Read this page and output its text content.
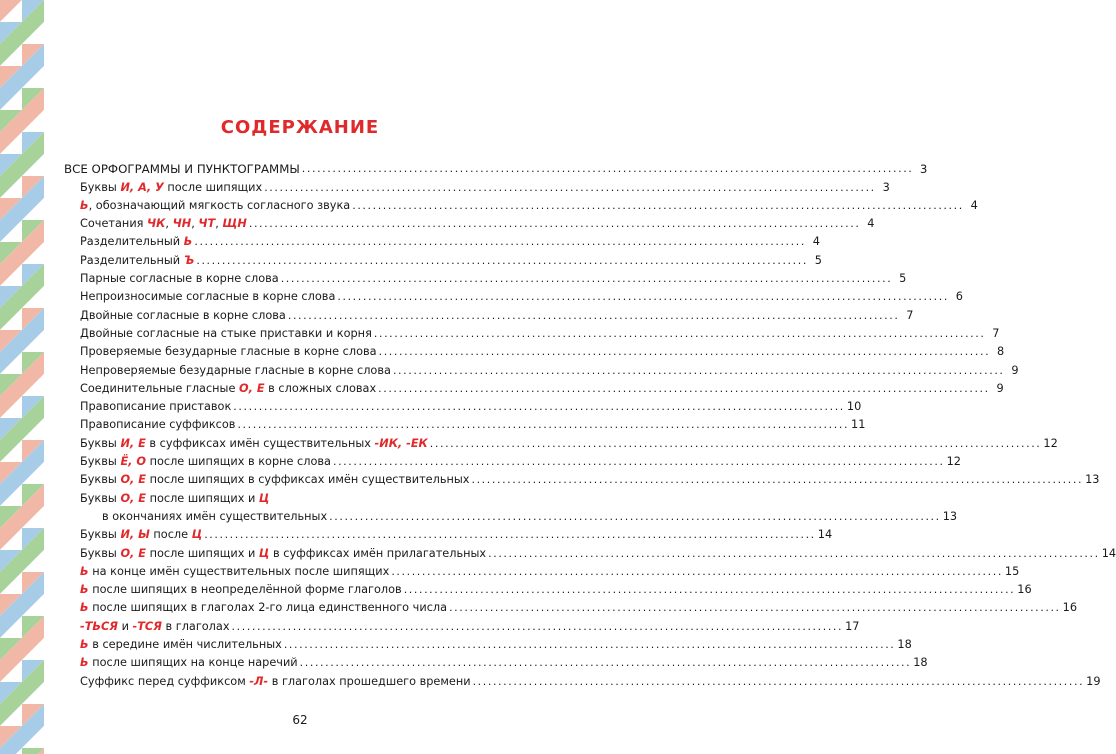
СОДЕРЖАНИЕ
ВСЕ ОРФОГРАММЫ И ПУНКТОГРАММЫ ........................................................................................................................ 3
Буквы И, А, У после шипящих ........................................................................................................................ 3
Ь, обозначающий мягкость согласного звука ........................................................................................................................ 4
Сочетания ЧК, ЧН, ЧТ, ЩН ........................................................................................................................ 4
Разделительный Ь ........................................................................................................................ 4
Разделительный Ъ ........................................................................................................................ 5
Парные согласные в корне слова ........................................................................................................................ 5
Непроизносимые согласные в корне слова ........................................................................................................................ 6
Двойные согласные в корне слова ........................................................................................................................ 7
Двойные согласные на стыке приставки и корня ........................................................................................................................ 7
Проверяемые безударные гласные в корне слова ........................................................................................................................ 8
Непроверяемые безударные гласные в корне слова ........................................................................................................................ 9
Соединительные гласные О, Е в сложных словах ........................................................................................................................ 9
Правописание приставок ........................................................................................................................ 10
Правописание суффиксов ........................................................................................................................ 11
Буквы И, Е в суффиксах имён существительных -ИК, -ЕК ........................................................................................................................ 12
Буквы Ё, О после шипящих в корне слова ........................................................................................................................ 12
Буквы О, Е после шипящих в суффиксах имён существительных ........................................................................................................................ 13
Буквы О, Е после шипящих и Ц
в окончаниях имён существительных ........................................................................................................................ 13
Буквы И, Ы после Ц ........................................................................................................................ 14
Буквы О, Е после шипящих и Ц в суффиксах имён прилагательных ........................................................................................................................ 14
Ь на конце имён существительных после шипящих ........................................................................................................................ 15
Ь после шипящих в неопределённой форме глаголов ........................................................................................................................ 16
Ь после шипящих в глаголах 2-го лица единственного числа ........................................................................................................................ 16
-ТЬСЯ и -ТСЯ в глаголах ........................................................................................................................ 17
Ь в середине имён числительных ........................................................................................................................ 18
Ь после шипящих на конце наречий ........................................................................................................................ 18
Суффикс перед суффиксом -Л- в глаголах прошедшего времени ........................................................................................................................ 19
62
